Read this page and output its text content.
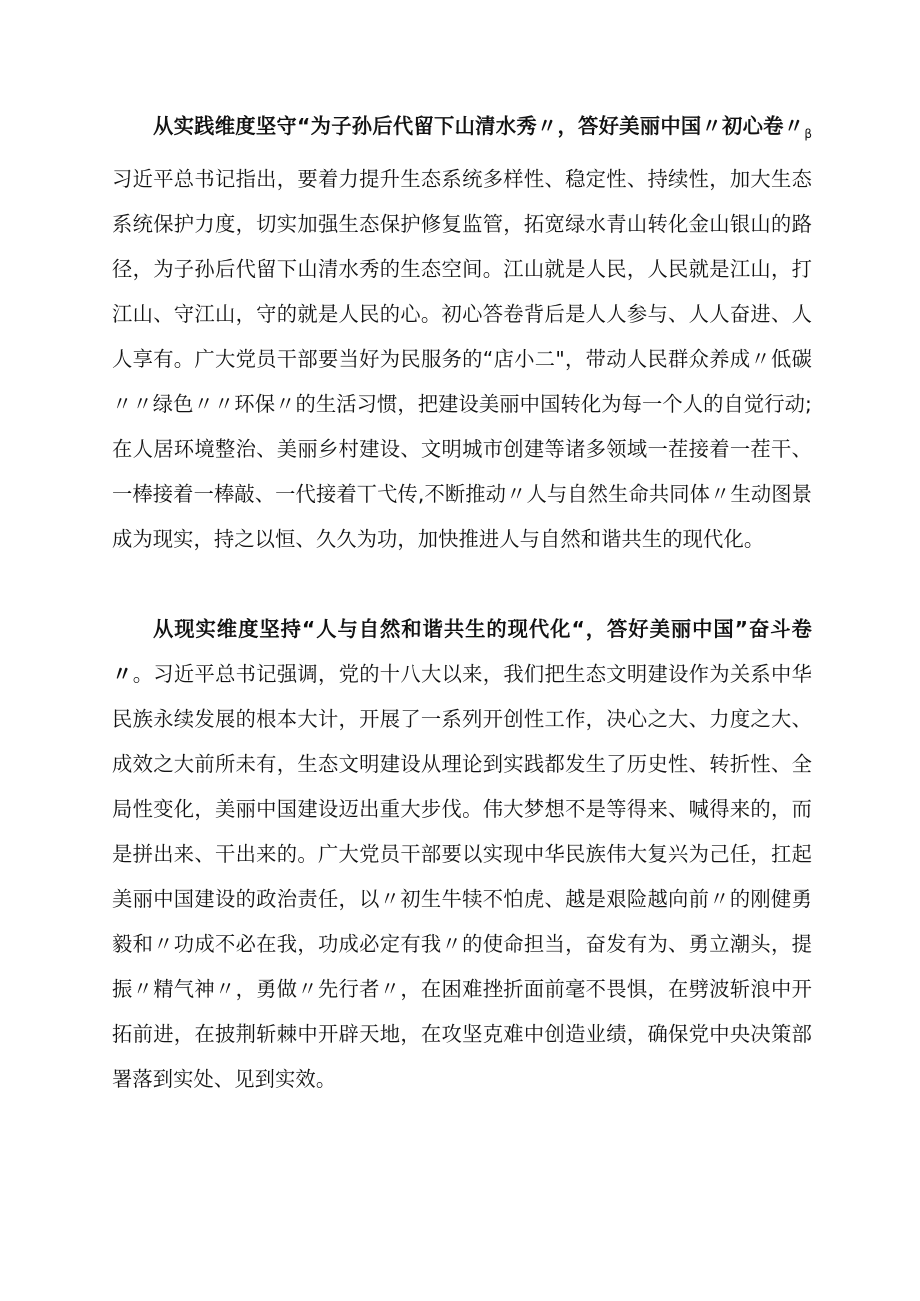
从实践维度坚守“为子孙后代留下山清水秀〃，答好美丽中国〃初心卷〃$_\beta$习近平总书记指出，要着力提升生态系统多样性、稳定性、持续性，加大生态系统保护力度，切实加强生态保护修复监管，拓宽绿水青山转化金山银山的路径，为子孙后代留下山清水秀的生态空间。江山就是人民，人民就是江山，打江山、守江山，守的就是人民的心。初心答卷背后是人人参与、人人奋进、人人享有。广大党员干部要当好为民服务的“店小二"，带动人民群众养成〃低碳〃〃绿色〃〃环保〃的生活习惯，把建设美丽中国转化为每一个人的自觉行动;在人居环境整治、美丽乡村建设、文明城市创建等诸多领域一茬接着一茬干、一棒接着一棒敲、一代接着丅弋传,不断推动〃人与自然生命共同体〃生动图景成为现实，持之以恒、久久为功，加快推进人与自然和谐共生的现代化。

从现实维度坚持“人与自然和谐共生的现代化“，答好美丽中国”奋斗卷〃。习近平总书记强调，党的十八大以来，我们把生态文明建设作为关系中华民族永续发展的根本大计，开展了一系列开创性工作，决心之大、力度之大、成效之大前所未有，生态文明建设从理论到实践都发生了历史性、转折性、全局性变化，美丽中国建设迈出重大步伐。伟大梦想不是等得来、喊得来的，而是拼出来、干出来的。广大党员干部要以实现中华民族伟大复兴为己任，扛起美丽中国建设的政治责任，以〃初生牛犊不怕虎、越是艰险越向前〃的刚健勇毅和〃功成不必在我，功成必定有我〃的使命担当，奋发有为、勇立潮头，提振〃精气神〃，勇做〃先行者〃，在困难挫折面前毫不畏惧，在劈波斩浪中开拓前进，在披荆斩棘中开辟天地，在攻坚克难中创造业绩，确保党中央决策部署落到实处、见到实效。
